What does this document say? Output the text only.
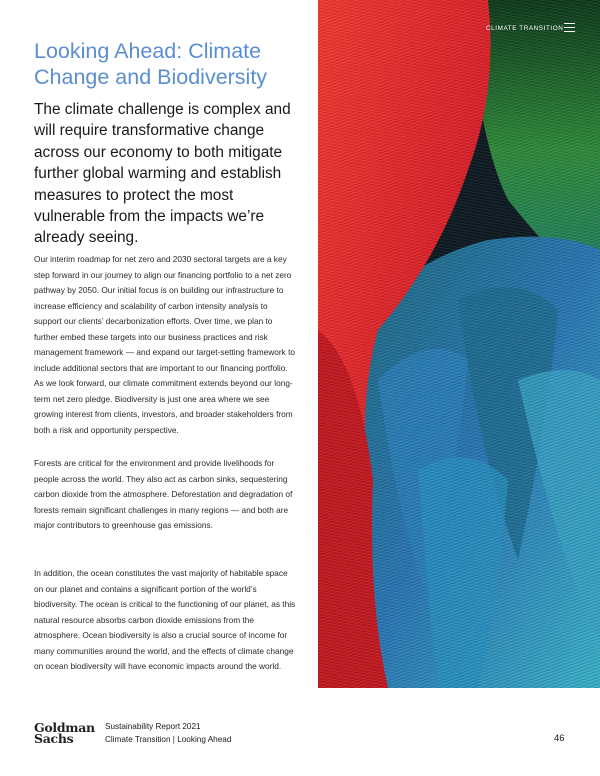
Looking Ahead: Climate Change and Biodiversity

The climate challenge is complex and will require transformative change across our economy to both mitigate further global warming and establish measures to protect the most vulnerable from the impacts we’re already seeing.

Our interim roadmap for net zero and 2030 sectoral targets are a key step forward in our journey to align our financing portfolio to a net zero pathway by 2050. Our initial focus is on building our infrastructure to increase efficiency and scalability of carbon intensity analysis to support our clients’ decarbonization efforts. Over time, we plan to further embed these targets into our business practices and risk management framework — and expand our target-setting framework to include additional sectors that are important to our financing portfolio. As we look forward, our climate commitment extends beyond our long-term net zero pledge. Biodiversity is just one area where we see growing interest from clients, investors, and broader stakeholders from both a risk and opportunity perspective.

Forests are critical for the environment and provide livelihoods for people across the world. They also act as carbon sinks, sequestering carbon dioxide from the atmosphere. Deforestation and degradation of forests remain significant challenges in many regions — and both are major contributors to greenhouse gas emissions.

In addition, the ocean constitutes the vast majority of habitable space on our planet and contains a significant portion of the world’s biodiversity. The ocean is critical to the functioning of our planet, as this natural resource absorbs carbon dioxide emissions from the atmosphere. Ocean biodiversity is also a crucial source of income for many communities around the world, and the effects of climate change on ocean biodiversity will have economic impacts around the world.

CLIMATE TRANSITION
Goldman
Sachs
Sustainability Report 2021
Climate Transition | Looking Ahead	46
